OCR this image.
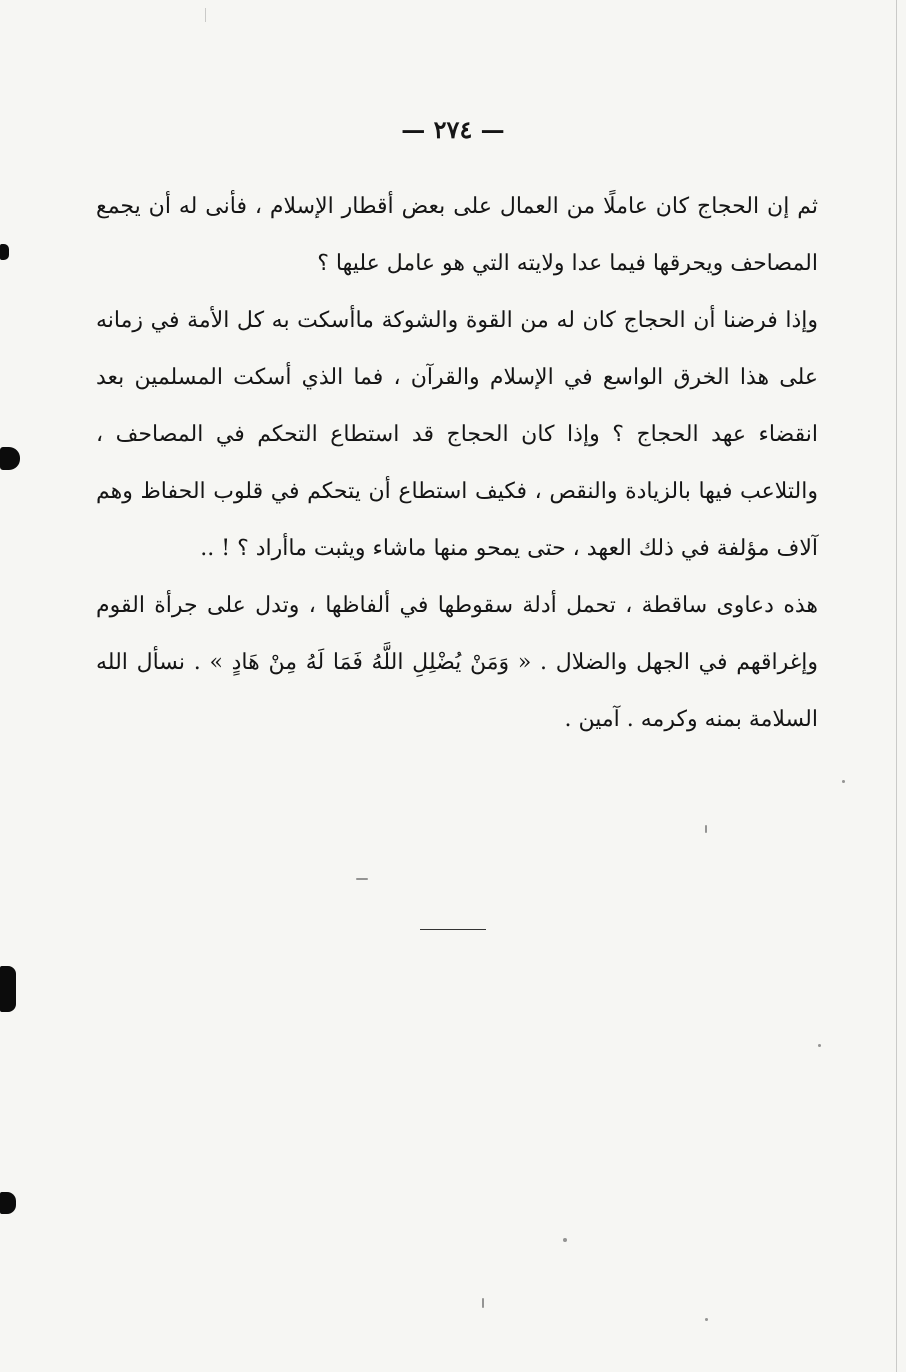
— ٢٧٤ —

ثم إن الحجاج كان عاملًا من العمال على بعض أقطار الإسلام ، فأنى له أن يجمع المصاحف ويحرقها فيما عدا ولايته التي هو عامل عليها ؟

وإذا فرضنا أن الحجاج كان له من القوة والشوكة ماأسكت به كل الأمة في زمانه على هذا الخرق الواسع في الإسلام والقرآن ، فما الذي أسكت المسلمين بعد انقضاء عهد الحجاج ؟ وإذا كان الحجاج قد استطاع التحكم في المصاحف ، والتلاعب فيها بالزيادة والنقص ، فكيف استطاع أن يتحكم في قلوب الحفاظ وهم آلاف مؤلفة في ذلك العهد ، حتى يمحو منها ماشاء ويثبت ماأراد ؟ ! ..

هذه دعاوى ساقطة ، تحمل أدلة سقوطها في ألفاظها ، وتدل على جرأة القوم وإغراقهم في الجهل والضلال . « وَمَنْ يُضْلِلِ اللَّهُ فَمَا لَهُ مِنْ هَادٍ » . نسأل الله السلامة بمنه وكرمه . آمين .
